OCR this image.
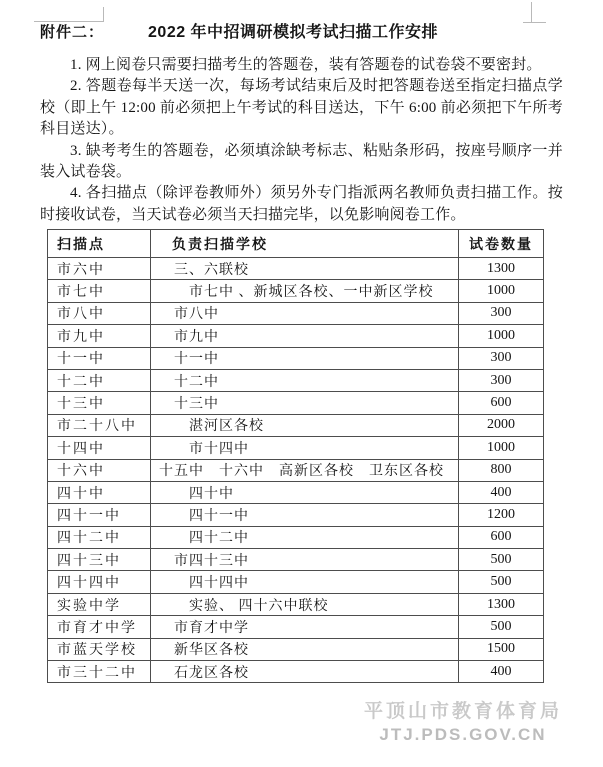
附件二：	2022 年中招调研模拟考试扫描工作安排

1. 网上阅卷只需要扫描考生的答题卷，装有答题卷的试卷袋不要密封。

2. 答题卷每半天送一次，每场考试结束后及时把答题卷送至指定扫描点学校（即上午 12:00 前必须把上午考试的科目送达，下午 6:00 前必须把下午所考科目送达）。

3. 缺考考生的答题卷，必须填涂缺考标志、粘贴条形码，按座号顺序一并装入试卷袋。

4. 各扫描点（除评卷教师外）须另外专门指派两名教师负责扫描工作。按时接收试卷，当天试卷必须当天扫描完毕，以免影响阅卷工作。

扫描点	负责扫描学校	试卷数量
市六中	　三、六联校	1300
市七中	　　市七中 、新城区各校、一中新区学校	1000
市八中	　市八中	300
市九中	　市九中	1000
十一中	　十一中	300
十二中	　十二中	300
十三中	　十三中	600
市二十八中	　　湛河区各校	2000
十四中	　　市十四中	1000
十六中	十五中　十六中　高新区各校　卫东区各校	800
四十中	　　四十中	400
四十一中	　　四十一中	1200
四十二中	　　四十二中	600
四十三中	　市四十三中	500
四十四中	　　四十四中	500
实验中学	　　实验、 四十六中联校	1300
市育才中学	　市育才中学	500
市蓝天学校	　新华区各校	1500
市三十二中	　石龙区各校	400
平顶山市教育体育局
JTJ.PDS.GOV.CN
